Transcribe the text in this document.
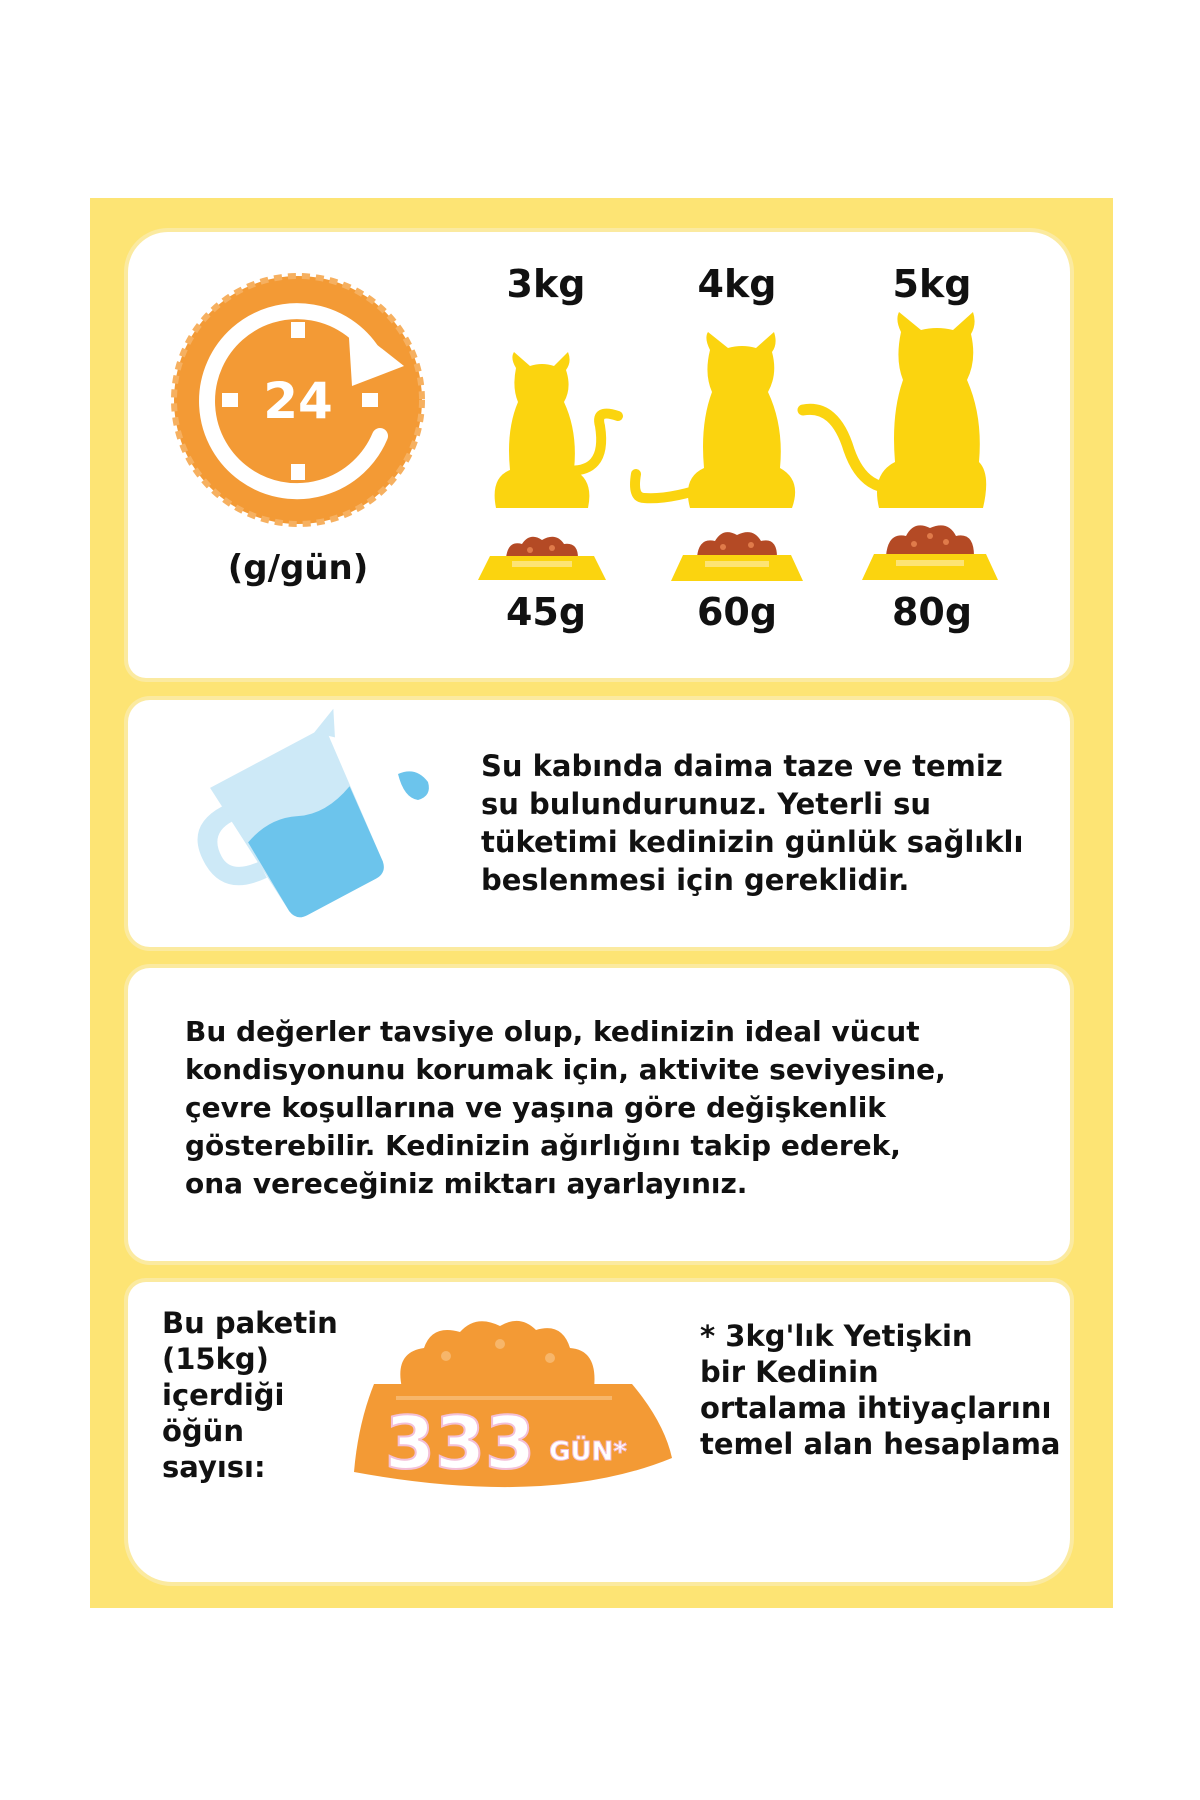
24
(g/gün)
3kg
45g
4kg
60g
5kg
80g
Su kabında daima taze ve temiz
su bulundurunuz. Yeterli su
tüketimi kedinizin günlük sağlıklı
beslenmesi için gereklidir.
Bu değerler tavsiye olup, kedinizin ideal vücut
kondisyonunu korumak için, aktivite seviyesine,
çevre koşullarına ve yaşına göre değişkenlik
gösterebilir. Kedinizin ağırlığını takip ederek,
ona vereceğiniz miktarı ayarlayınız.
Bu paketin
(15kg)
içerdiği
öğün
sayısı:	333 GÜN*
* 3kg'lık Yetişkin
bir Kedinin
ortalama ihtiyaçlarını
temel alan hesaplama
